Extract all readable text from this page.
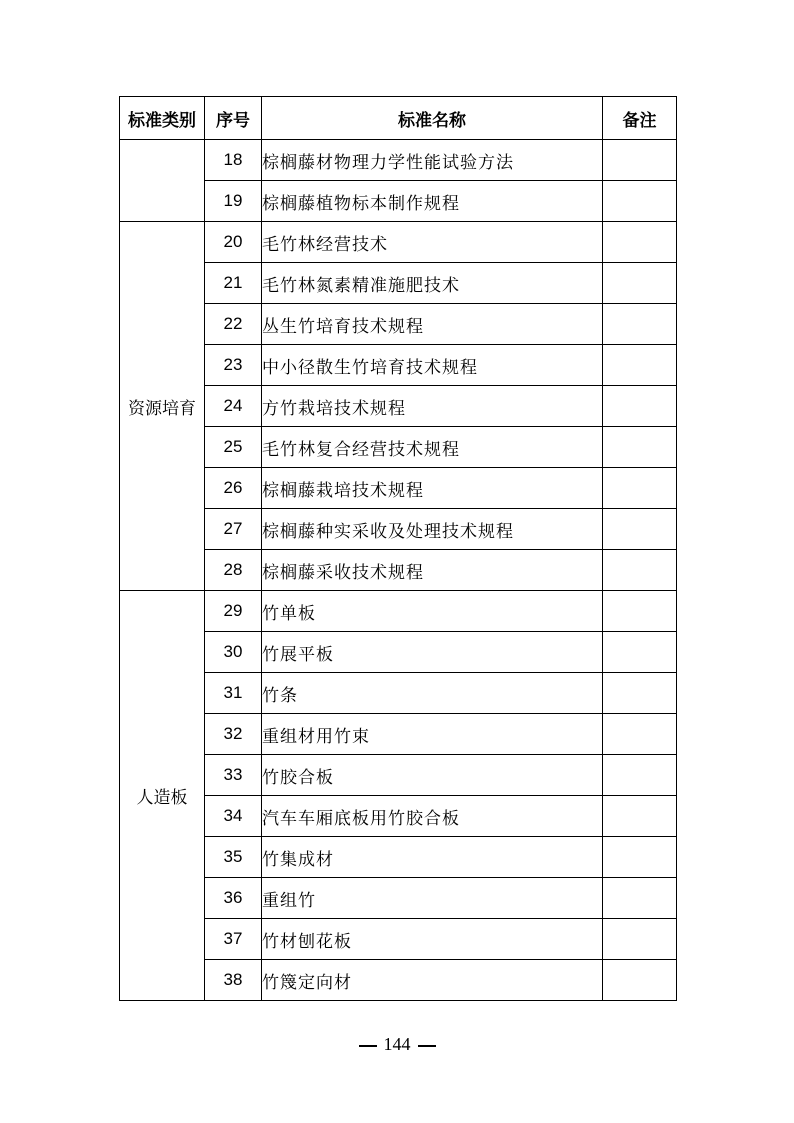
标准类别	序号	标准名称	备注
	18	棕榈藤材物理力学性能试验方法	
	19	棕榈藤植物标本制作规程	
资源培育	20	毛竹林经营技术	
	21	毛竹林氮素精准施肥技术	
	22	丛生竹培育技术规程	
	23	中小径散生竹培育技术规程	
	24	方竹栽培技术规程	
	25	毛竹林复合经营技术规程	
	26	棕榈藤栽培技术规程	
	27	棕榈藤种实采收及处理技术规程	
	28	棕榈藤采收技术规程	
人造板	29	竹单板	
	30	竹展平板	
	31	竹条	
	32	重组材用竹束	
	33	竹胶合板	
	34	汽车车厢底板用竹胶合板	
	35	竹集成材	
	36	重组竹	
	37	竹材刨花板	
	38	竹篾定向材	
144
